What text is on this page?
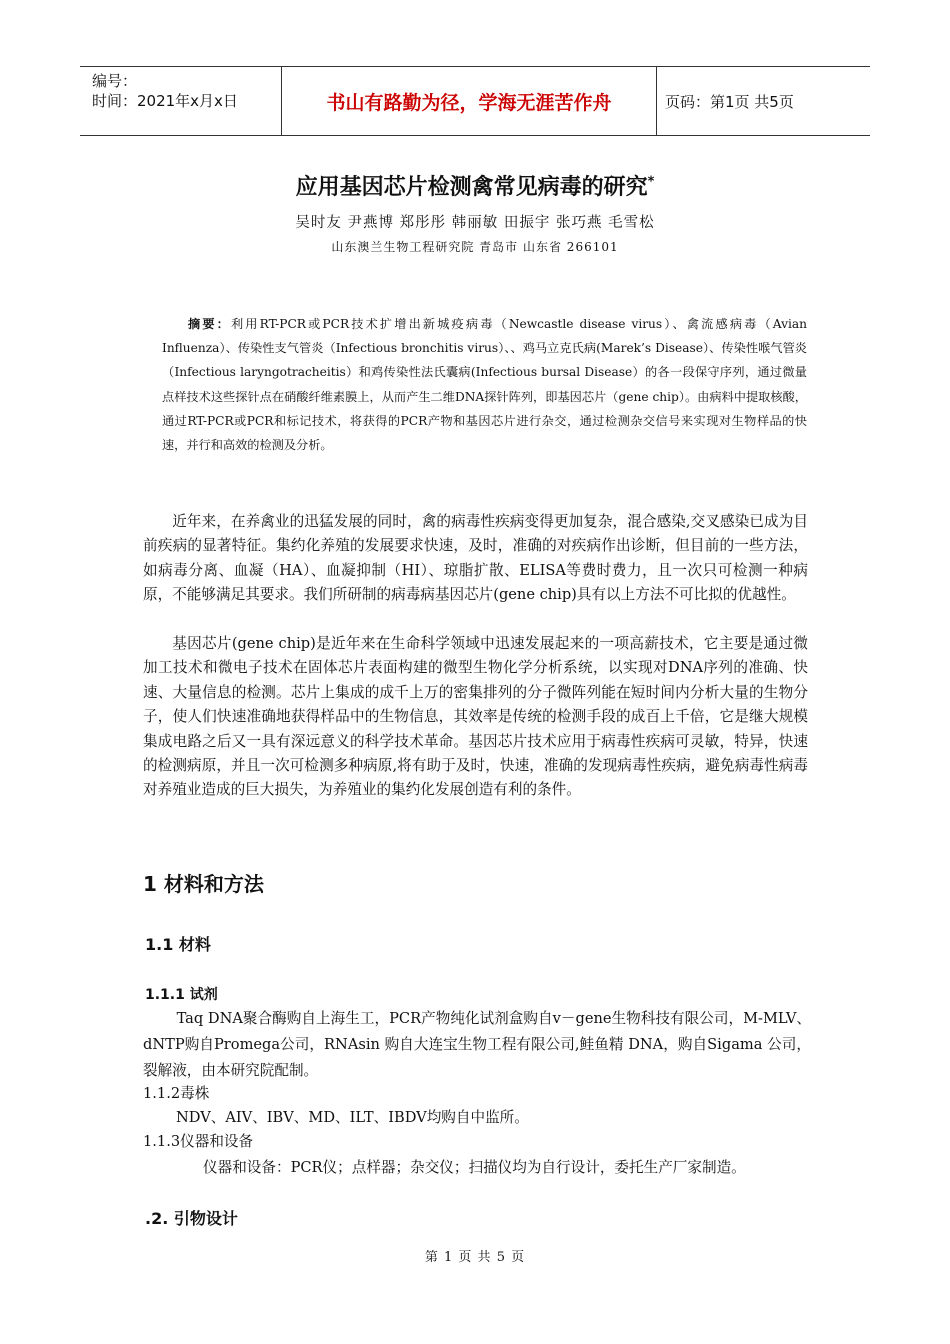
编号：
时间：2021年x月x日	书山有路勤为径，学海无涯苦作舟	页码：第1页 共5页
应用基因芯片检测禽常见病毒的研究*
吴时友 尹燕博 郑彤彤 韩丽敏 田振宇 张巧燕 毛雪松
山东澳兰生物工程研究院 青岛市 山东省 266101
摘要：利用RT-PCR或PCR技术扩增出新城疫病毒（Newcastle disease virus）、禽流感病毒（Avian Influenza）、传染性支气管炎（Infectious bronchitis virus）、、鸡马立克氏病(Marek’s Disease）、传染性喉气管炎（Infectious laryngotracheitis）和鸡传染性法氏囊病(Infectious bursal Disease）的各一段保守序列，通过微量点样技术这些探针点在硝酸纤维素膜上，从而产生二维DNA探针阵列，即基因芯片（gene chip）。由病料中提取核酸，通过RT-PCR或PCR和标记技术，将获得的PCR产物和基因芯片进行杂交，通过检测杂交信号来实现对生物样品的快速，并行和高效的检测及分析。
近年来，在养禽业的迅猛发展的同时，禽的病毒性疾病变得更加复杂，混合感染,交叉感染已成为目前疾病的显著特征。集约化养殖的发展要求快速，及时，准确的对疾病作出诊断，但目前的一些方法，如病毒分离、血凝（HA）、血凝抑制（HI）、琼脂扩散、ELISA等费时费力，且一次只可检测一种病原，不能够满足其要求。我们所研制的病毒病基因芯片(gene chip)具有以上方法不可比拟的优越性。
基因芯片(gene chip)是近年来在生命科学领域中迅速发展起来的一项高薪技术，它主要是通过微加工技术和微电子技术在固体芯片表面构建的微型生物化学分析系统，以实现对DNA序列的准确、快速、大量信息的检测。芯片上集成的成千上万的密集排列的分子微阵列能在短时间内分析大量的生物分子，使人们快速准确地获得样品中的生物信息，其效率是传统的检测手段的成百上千倍，它是继大规模集成电路之后又一具有深远意义的科学技术革命。基因芯片技术应用于病毒性疾病可灵敏，特异，快速的检测病原，并且一次可检测多种病原,将有助于及时，快速，准确的发现病毒性疾病，避免病毒性病毒对养殖业造成的巨大损失，为养殖业的集约化发展创造有利的条件。
1 材料和方法
1.1 材料
1.1.1 试剂
Taq DNA聚合酶购自上海生工，PCR产物纯化试剂盒购自v－gene生物科技有限公司，M-MLV、dNTP购自Promega公司，RNAsin 购自大连宝生物工程有限公司,鲑鱼精 DNA，购自Sigama 公司，裂解液，由本研究院配制。
1.1.2毒株
NDV、AIV、IBV、MD、ILT、IBDV均购自中监所。
1.1.3仪器和设备
仪器和设备：PCR仪；点样器；杂交仪；扫描仪均为自行设计，委托生产厂家制造。
.2. 引物设计
第 1 页 共 5 页
